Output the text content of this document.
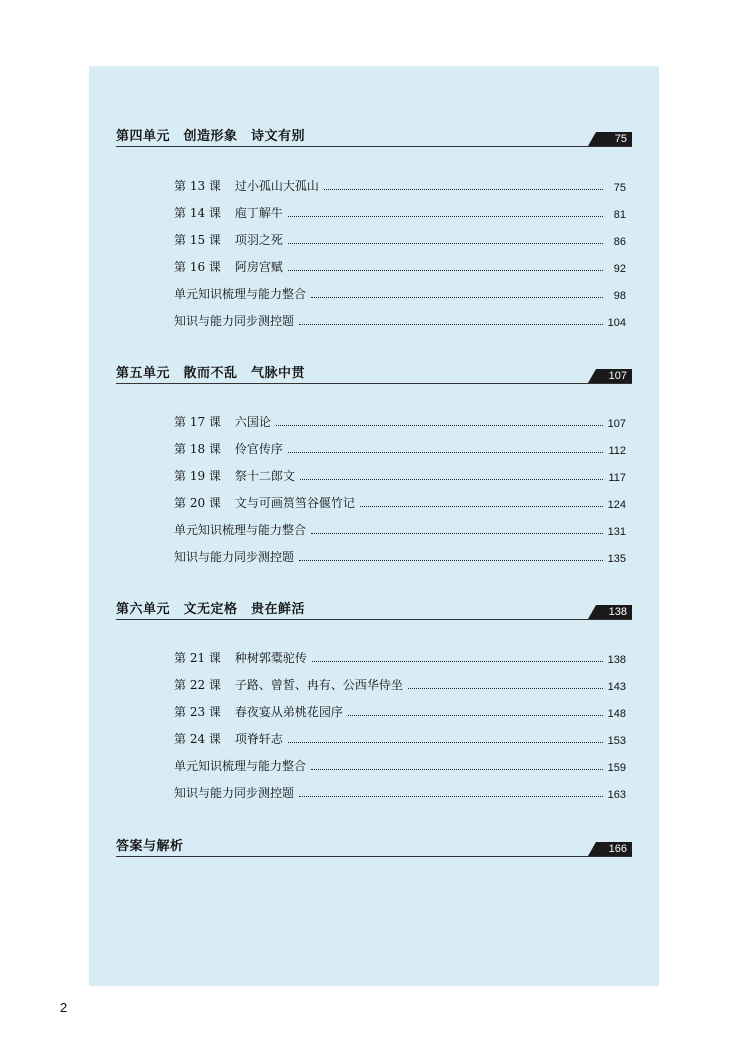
第四单元　创造形象　诗文有别	75
第 13 课 过小孤山大孤山	75
第 14 课 庖丁解牛	81
第 15 课 项羽之死	86
第 16 课 阿房宫赋	92
单元知识梳理与能力整合	98
知识与能力同步测控题	104
第五单元　散而不乱　气脉中贯	107
第 17 课 六国论	107
第 18 课 伶官传序	112
第 19 课 祭十二郎文	117
第 20 课 文与可画筼筜谷偃竹记	124
单元知识梳理与能力整合	131
知识与能力同步测控题	135
第六单元　文无定格　贵在鲜活	138
第 21 课 种树郭橐驼传	138
第 22 课 子路、曾皙、冉有、公西华侍坐	143
第 23 课 春夜宴从弟桃花园序	148
第 24 课 项脊轩志	153
单元知识梳理与能力整合	159
知识与能力同步测控题	163
答案与解析	166
2
